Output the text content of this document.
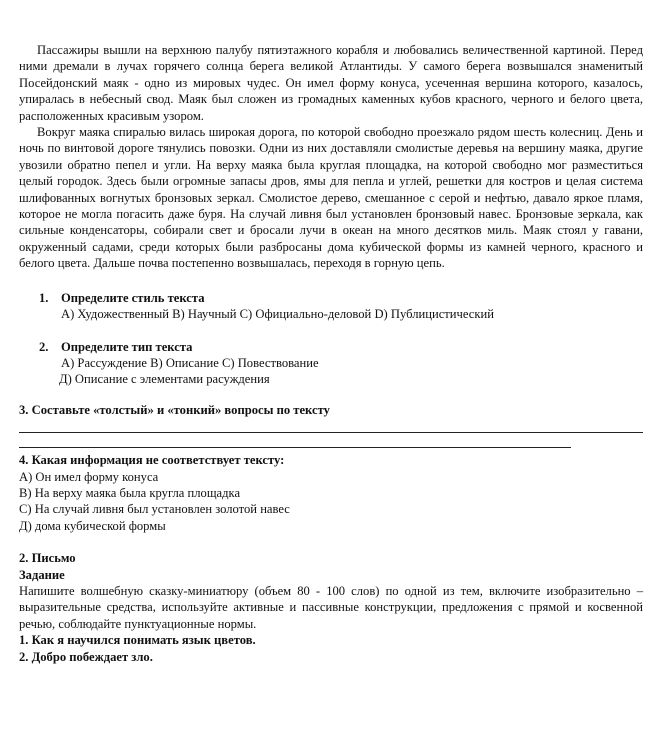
Пассажиры вышли на верхнюю палубу пятиэтажного корабля и любовались величественной картиной. Перед ними дремали в лучах горячего солнца берега великой Атлантиды. У самого берега возвышался знаменитый Посейдонский маяк - одно из мировых чудес. Он имел форму конуса, усеченная вершина которого, казалось, упиралась в небесный свод. Маяк был сложен из громадных каменных кубов красного, черного и белого цвета, расположенных красивым узором.

Вокруг маяка спиралью вилась широкая дорога, по которой свободно проезжало рядом шесть колесниц. День и ночь по винтовой дороге тянулись повозки. Одни из них доставляли смолистые деревья на вершину маяка, другие увозили обратно пепел и угли. На верху маяка была круглая площадка, на которой свободно мог разместиться целый городок. Здесь были огромные запасы дров, ямы для пепла и углей, решетки для костров и целая система шлифованных вогнутых бронзовых зеркал. Смолистое дерево, смешанное с серой и нефтью, давало яркое пламя, которое не могла погасить даже буря. На случай ливня был установлен бронзовый навес. Бронзовые зеркала, как сильные конденсаторы, собирали свет и бросали лучи в океан на много десятков миль. Маяк стоял у гавани, окруженный садами, среди которых были разбросаны дома кубической формы из камней черного, красного и белого цвета. Дальше почва постепенно возвышалась, переходя в горную цепь.

1. Определите стиль текста
А) Художественный В) Научный С) Официально-деловой D) Публицистический
2. Определите тип текста
А) Рассуждение В) Описание С) Повествование
Д) Описание с элементами расуждения

3. Составьте «толстый» и «тонкий» вопросы по тексту

4. Какая информация не соответствует тексту:

А) Он имел форму конуса
В) На верху маяка была кругла площадка
С) На случай ливня был установлен золотой навес
Д) дома кубической формы

2. Письмо

Задание

Напишите волшебную сказку-миниатюру (объем 80 - 100 слов) по одной из тем, включите изобразительно – выразительные средства, используйте активные и пассивные конструкции, предложения с прямой и косвенной речью, соблюдайте пунктуационные нормы.

1. Как я научился понимать язык цветов.

2. Добро побеждает зло.
